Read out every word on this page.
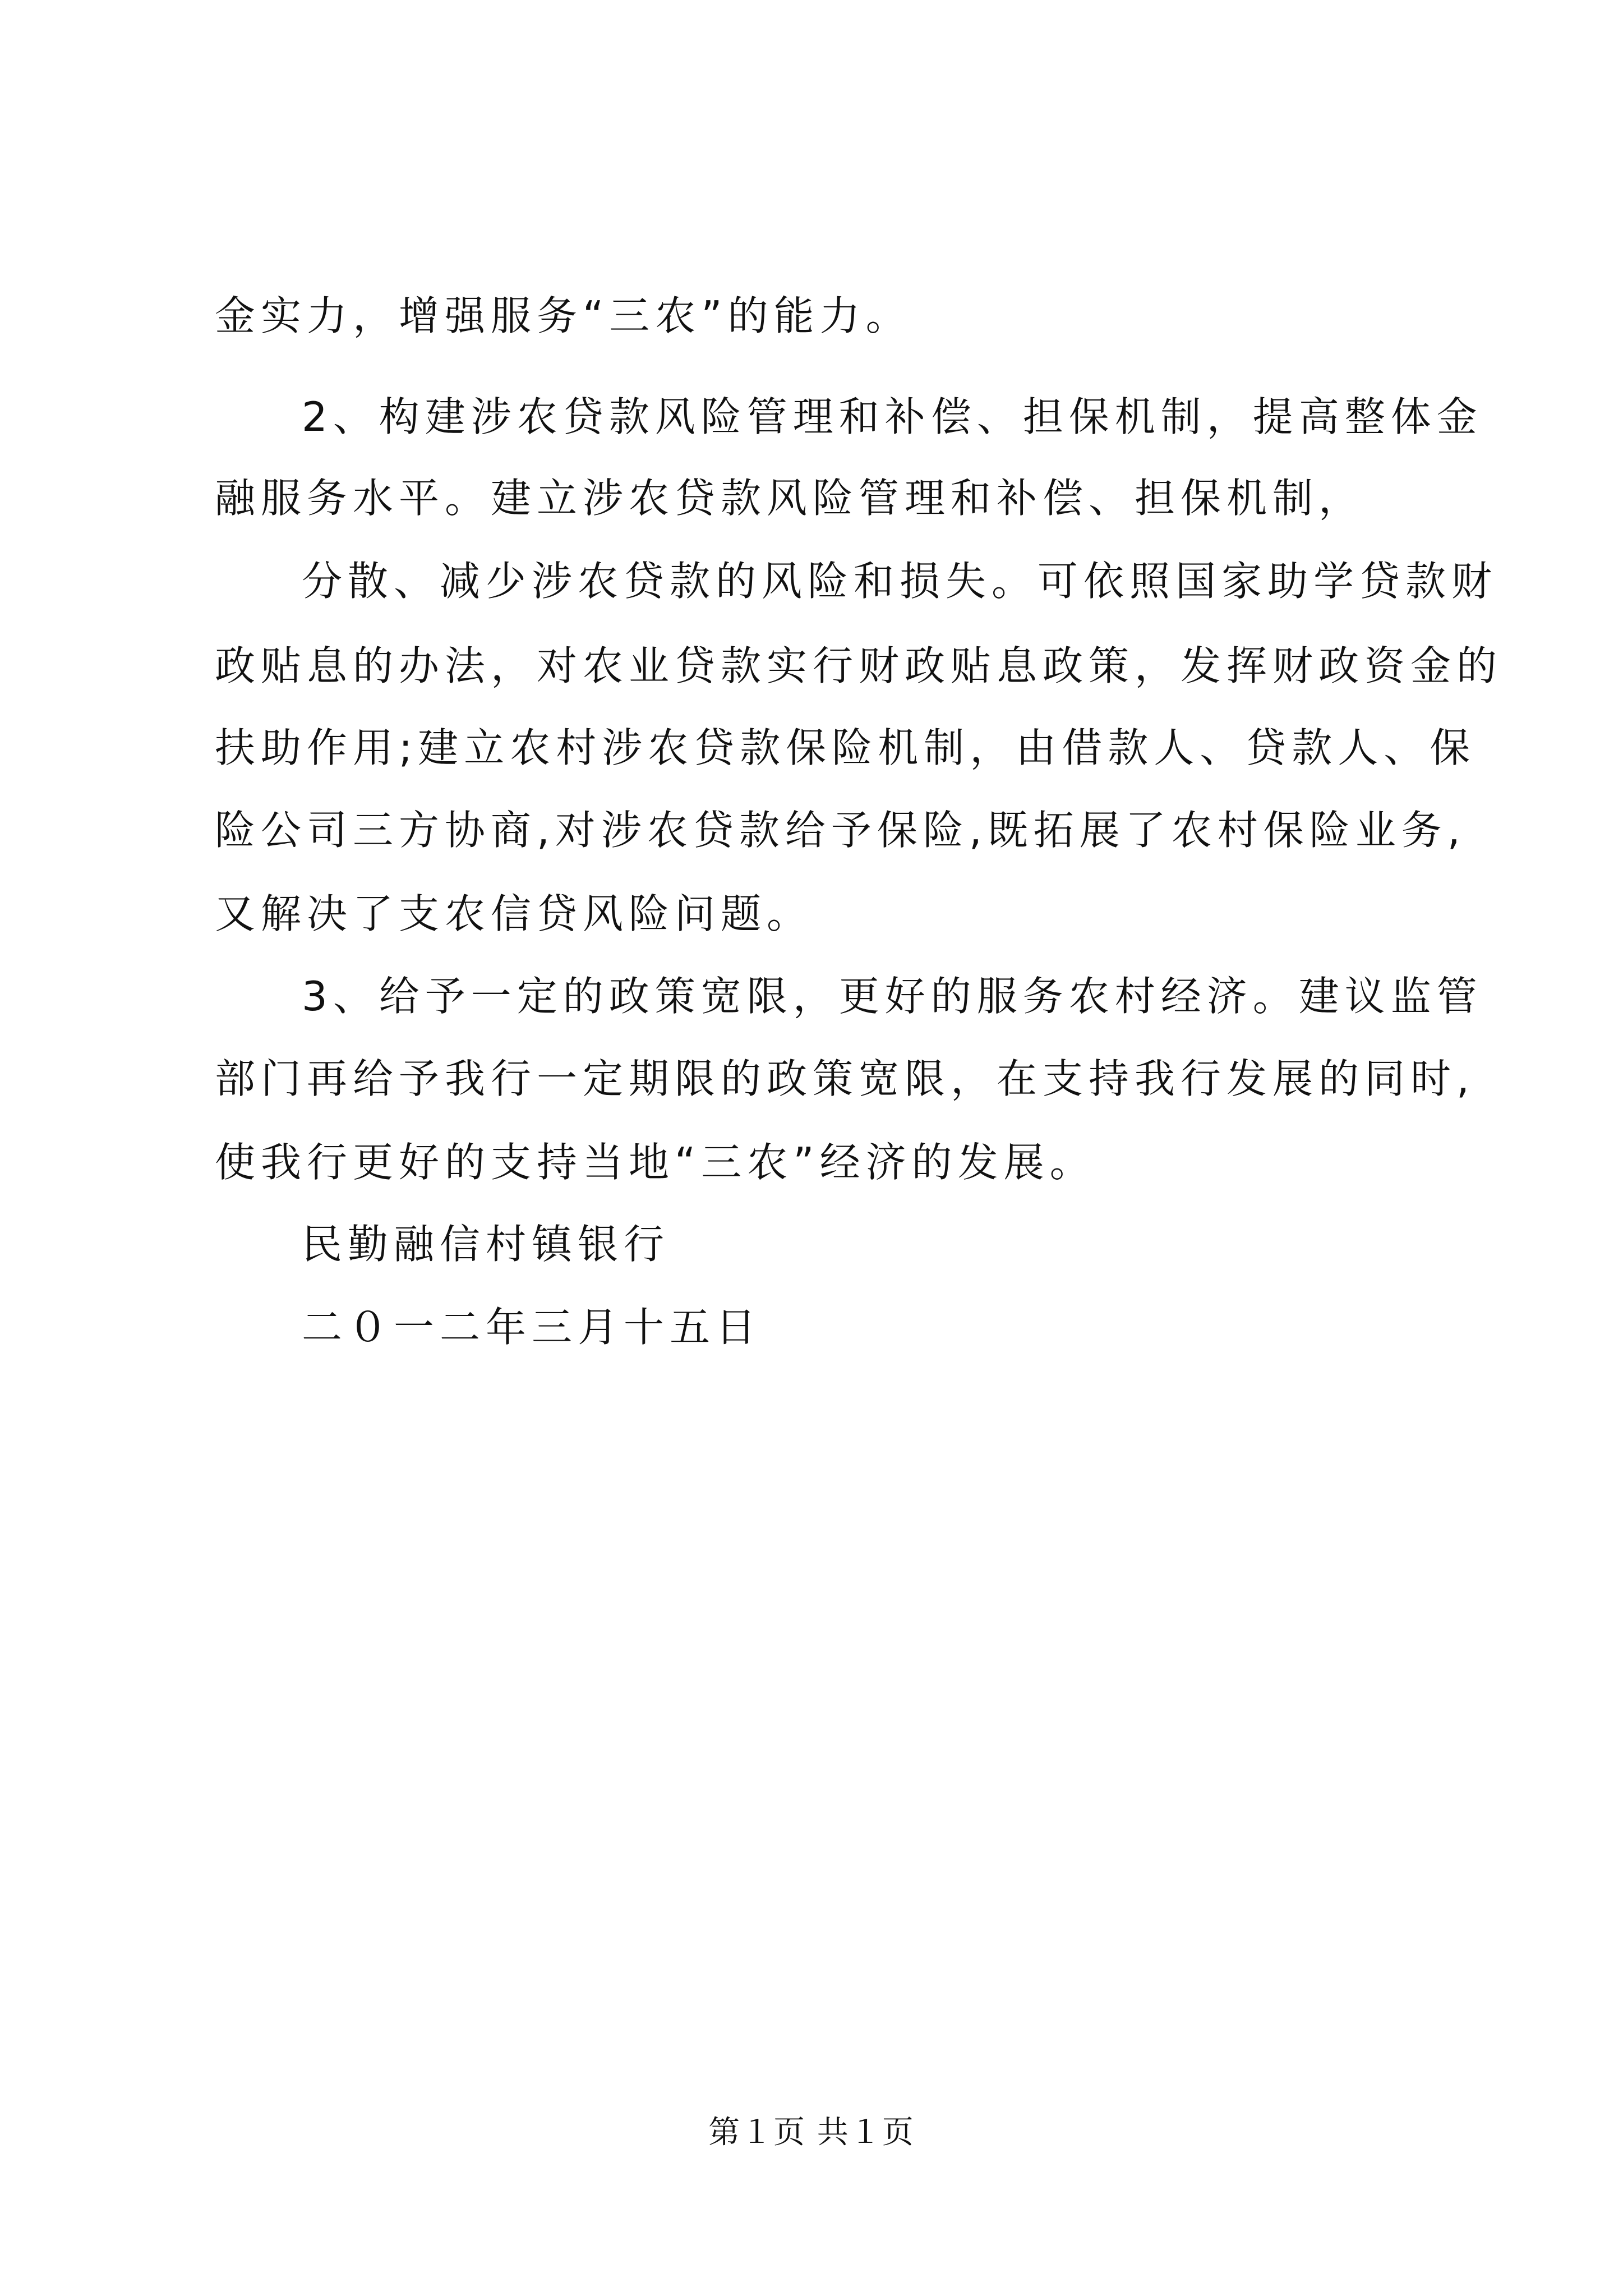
金实力，增强服务“三农”的能力。
2、构建涉农贷款风险管理和补偿、担保机制，提高整体金
融服务水平。建立涉农贷款风险管理和补偿、担保机制，
分散、减少涉农贷款的风险和损失。可依照国家助学贷款财
政贴息的办法，对农业贷款实行财政贴息政策，发挥财政资金的
扶助作用;建立农村涉农贷款保险机制，由借款人、贷款人、保
险公司三方协商,对涉农贷款给予保险,既拓展了农村保险业务,
又解决了支农信贷风险问题。
3、给予一定的政策宽限，更好的服务农村经济。建议监管
部门再给予我行一定期限的政策宽限，在支持我行发展的同时,
使我行更好的支持当地“三农”经济的发展。
民勤融信村镇银行
二０一二年三月十五日
第１页 共１页
